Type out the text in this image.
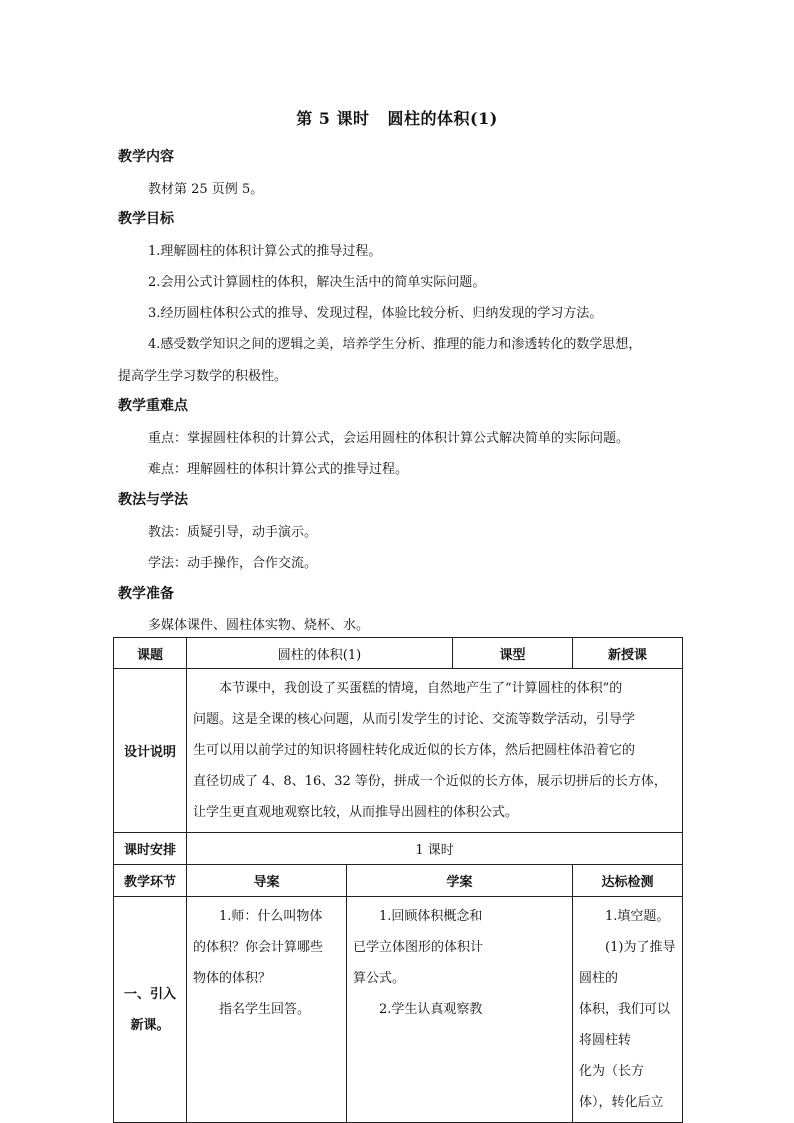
第 5 课时 圆柱的体积(1)
教学内容
教材第 25 页例 5。
教学目标
1.理解圆柱的体积计算公式的推导过程。
2.会用公式计算圆柱的体积，解决生活中的简单实际问题。
3.经历圆柱体积公式的推导、发现过程，体验比较分析、归纳发现的学习方法。
4.感受数学知识之间的逻辑之美，培养学生分析、推理的能力和渗透转化的数学思想，
提高学生学习数学的积极性。
教学重难点
重点：掌握圆柱体积的计算公式，会运用圆柱的体积计算公式解决简单的实际问题。
难点：理解圆柱的体积计算公式的推导过程。
教法与学法
教法：质疑引导，动手演示。
学法：动手操作，合作交流。
教学准备
多媒体课件、圆柱体实物、烧杯、水。
课题	圆柱的体积(1)		课型	新授课
设计说明	本节课中，我创设了买蛋糕的情境，自然地产生了“计算圆柱的体积”的
问题。这是全课的核心问题，从而引发学生的讨论、交流等数学活动，引导学
生可以用以前学过的知识将圆柱转化成近似的长方体，然后把圆柱体沿着它的
直径切成了 4、8、16、32 等份，拼成一个近似的长方体，展示切拼后的长方体，
让学生更直观地观察比较，从而推导出圆柱的体积公式。			
课时安排	1 课时			
教学环节	导案	学案		达标检测
一、引入
新课。	1.师：什么叫物体
的体积？你会计算哪些
物体的体积？
指名学生回答。	1.回顾体积概念和
已学立体图形的体积计
算公式。
2.学生认真观察教		1.填空题。
(1)为了推导圆柱的
体积，我们可以将圆柱转
化为（长方体），转化后立
